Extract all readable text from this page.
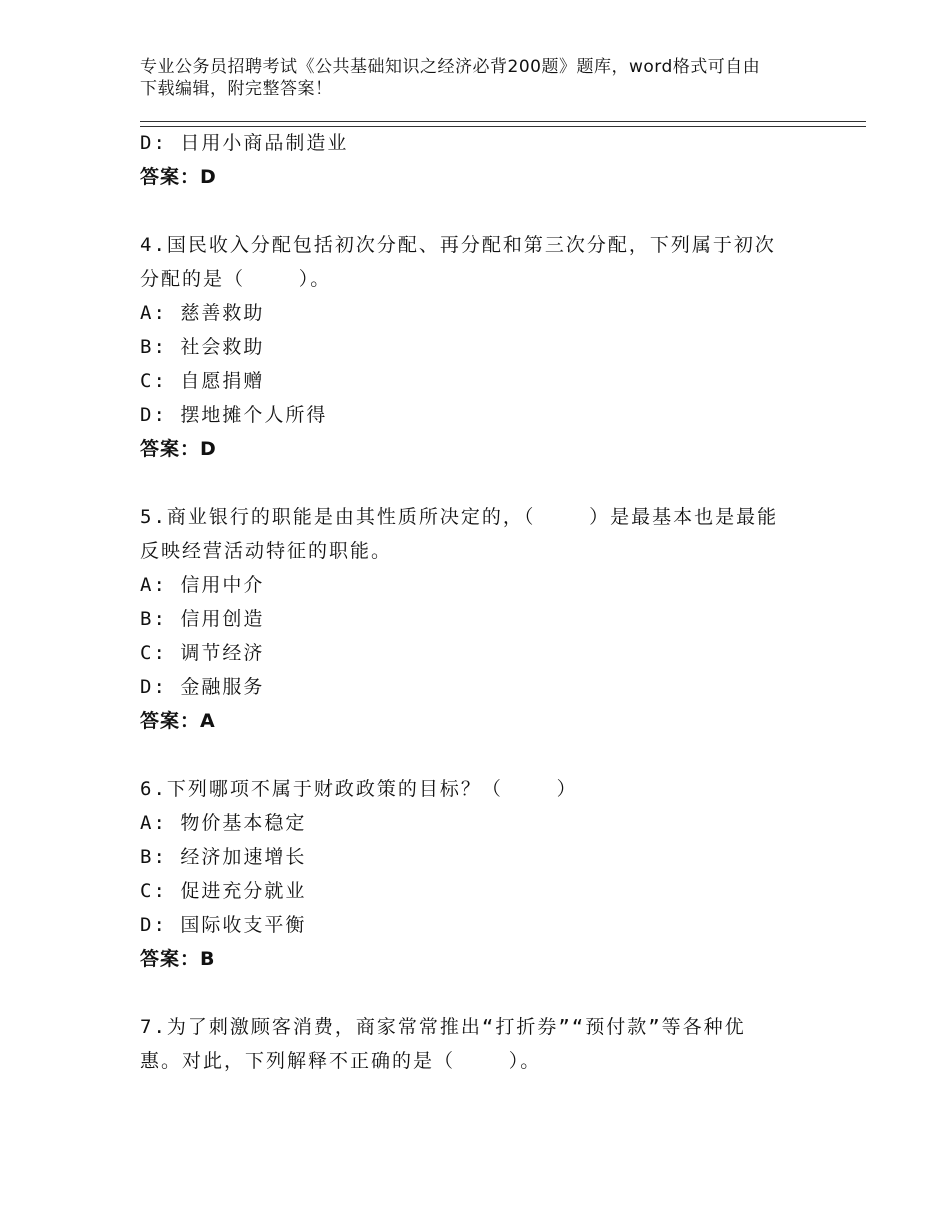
专业公务员招聘考试《公共基础知识之经济必背200题》题库，word格式可自由
下载编辑，附完整答案！
D: 日用小商品制造业
答案：D
4.国民收入分配包括初次分配、再分配和第三次分配，下列属于初次
分配的是（    ）。
A: 慈善救助
B: 社会救助
C: 自愿捐赠
D: 摆地摊个人所得
答案：D
5.商业银行的职能是由其性质所决定的，（    ）是最基本也是最能
反映经营活动特征的职能。
A: 信用中介
B: 信用创造
C: 调节经济
D: 金融服务
答案：A
6.下列哪项不属于财政政策的目标？（    ）
A: 物价基本稳定
B: 经济加速增长
C: 促进充分就业
D: 国际收支平衡
答案：B
7.为了刺激顾客消费，商家常常推出“打折券”“预付款”等各种优
惠。对此，下列解释不正确的是（    ）。
